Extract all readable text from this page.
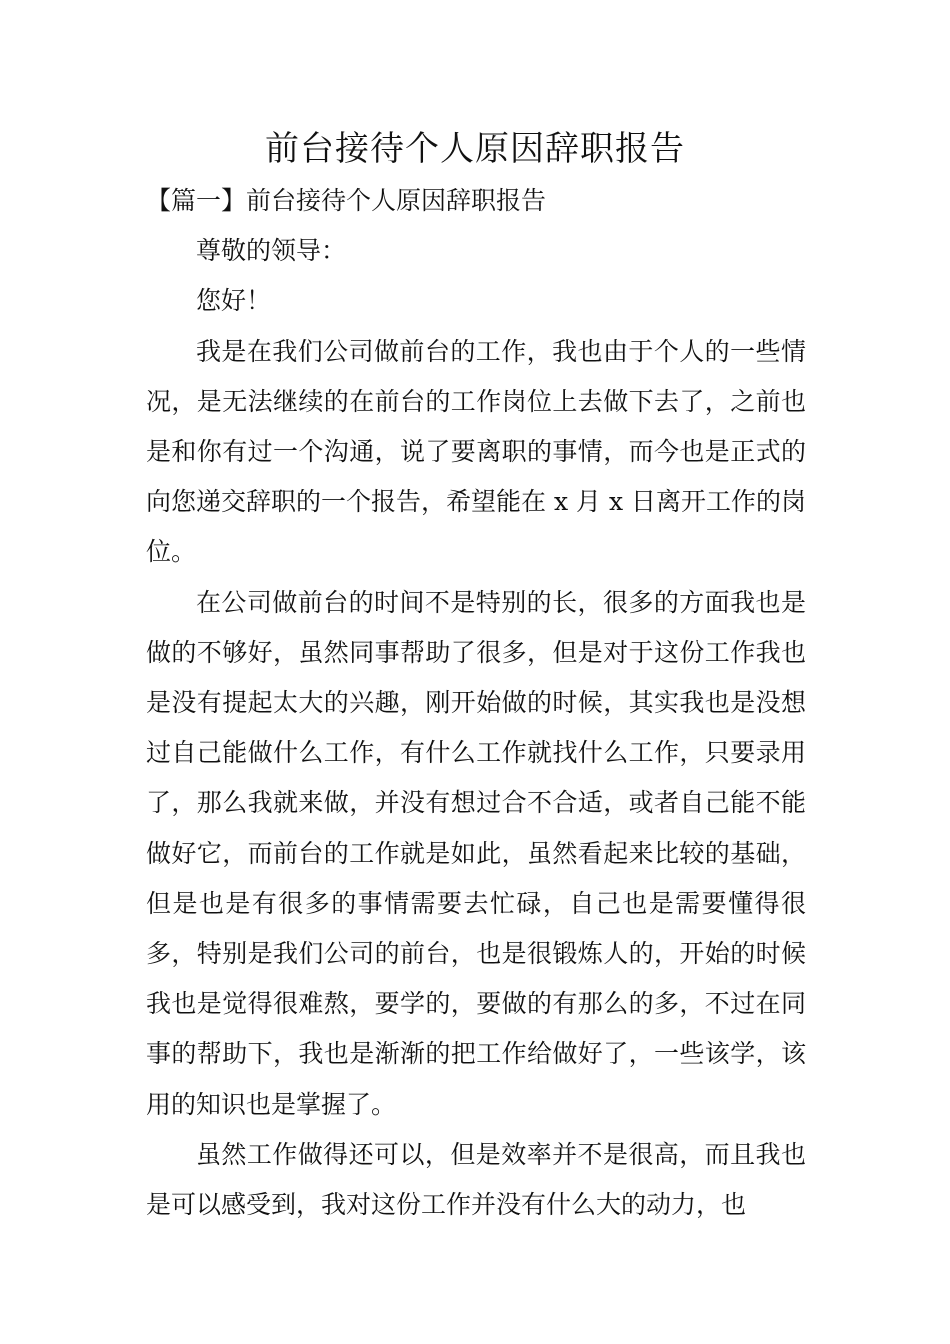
前台接待个人原因辞职报告

【篇一】前台接待个人原因辞职报告

尊敬的领导：

您好！

我是在我们公司做前台的工作，我也由于个人的一些情况，是无法继续的在前台的工作岗位上去做下去了，之前也是和你有过一个沟通，说了要离职的事情，而今也是正式的向您递交辞职的一个报告，希望能在 x 月 x 日离开工作的岗位。

在公司做前台的时间不是特别的长，很多的方面我也是做的不够好，虽然同事帮助了很多，但是对于这份工作我也是没有提起太大的兴趣，刚开始做的时候，其实我也是没想过自己能做什么工作，有什么工作就找什么工作，只要录用了，那么我就来做，并没有想过合不合适，或者自己能不能做好它，而前台的工作就是如此，虽然看起来比较的基础，但是也是有很多的事情需要去忙碌，自己也是需要懂得很多，特别是我们公司的前台，也是很锻炼人的，开始的时候我也是觉得很难熬，要学的，要做的有那么的多，不过在同事的帮助下，我也是渐渐的把工作给做好了，一些该学，该用的知识也是掌握了。

虽然工作做得还可以，但是效率并不是很高，而且我也是可以感受到，我对这份工作并没有什么大的动力，也
